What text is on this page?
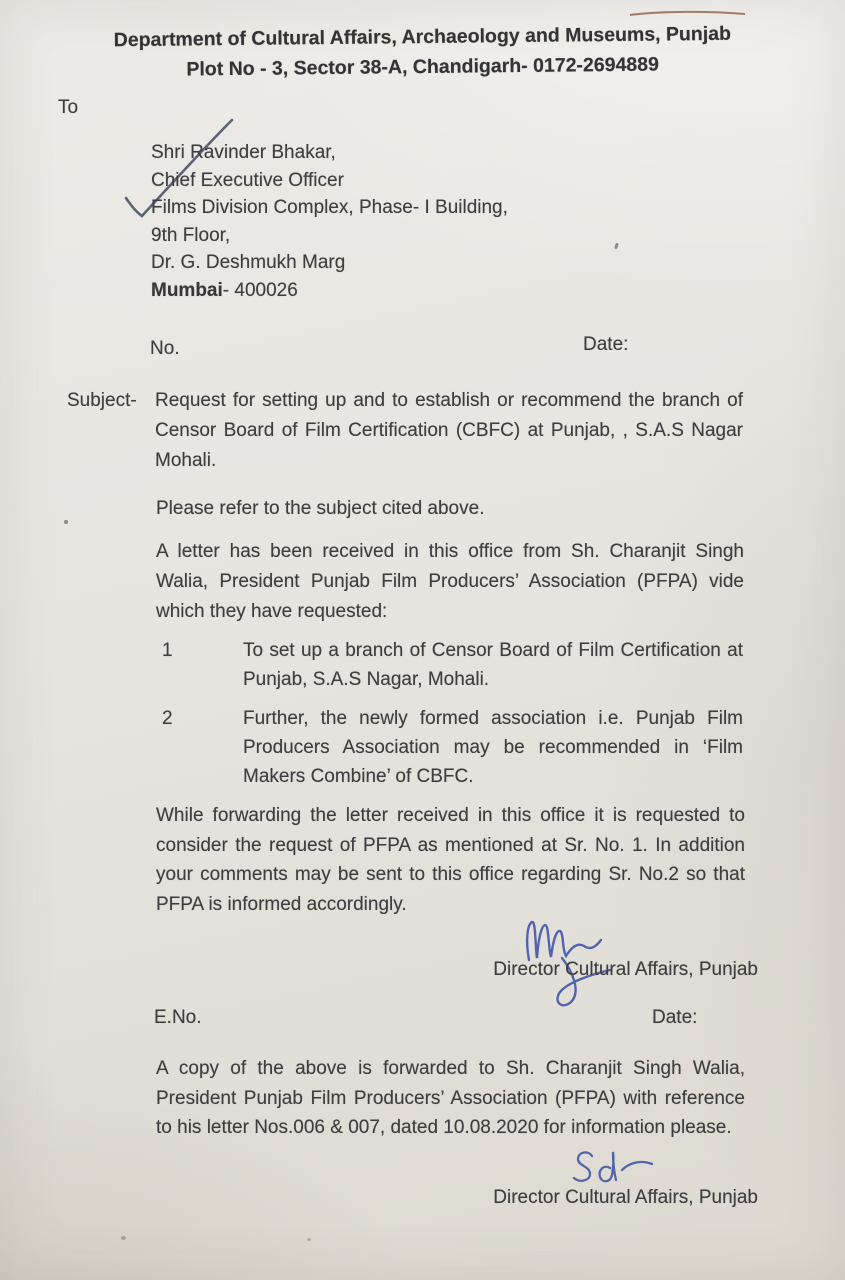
Department of Cultural Affairs, Archaeology and Museums, Punjab
Plot No - 3, Sector 38-A, Chandigarh- 0172-2694889
To
Shri Ravinder Bhakar,
Chief Executive Officer
Films Division Complex, Phase- I Building,
9th Floor,
Dr. G. Deshmukh Marg
Mumbai- 400026
No.	Date:
Subject- Request for setting up and to establish or recommend the branch of Censor Board of Film Certification (CBFC) at Punjab, , S.A.S Nagar Mohali.
Please refer to the subject cited above.
A letter has been received in this office from Sh. Charanjit Singh Walia, President Punjab Film Producers’ Association (PFPA) vide which they have requested:
1	To set up a branch of Censor Board of Film Certification at Punjab, S.A.S Nagar, Mohali.
2	Further, the newly formed association i.e. Punjab Film Producers Association may be recommended in ‘Film Makers Combine’ of CBFC.
While forwarding the letter received in this office it is requested to consider the request of PFPA as mentioned at Sr. No. 1. In addition your comments may be sent to this office regarding Sr. No.2 so that PFPA is informed accordingly.
Director Cultural Affairs, Punjab
E.No.	Date:
A copy of the above is forwarded to Sh. Charanjit Singh Walia, President Punjab Film Producers’ Association (PFPA) with reference to his letter Nos.006 & 007, dated 10.08.2020 for information please.
Director Cultural Affairs, Punjab
